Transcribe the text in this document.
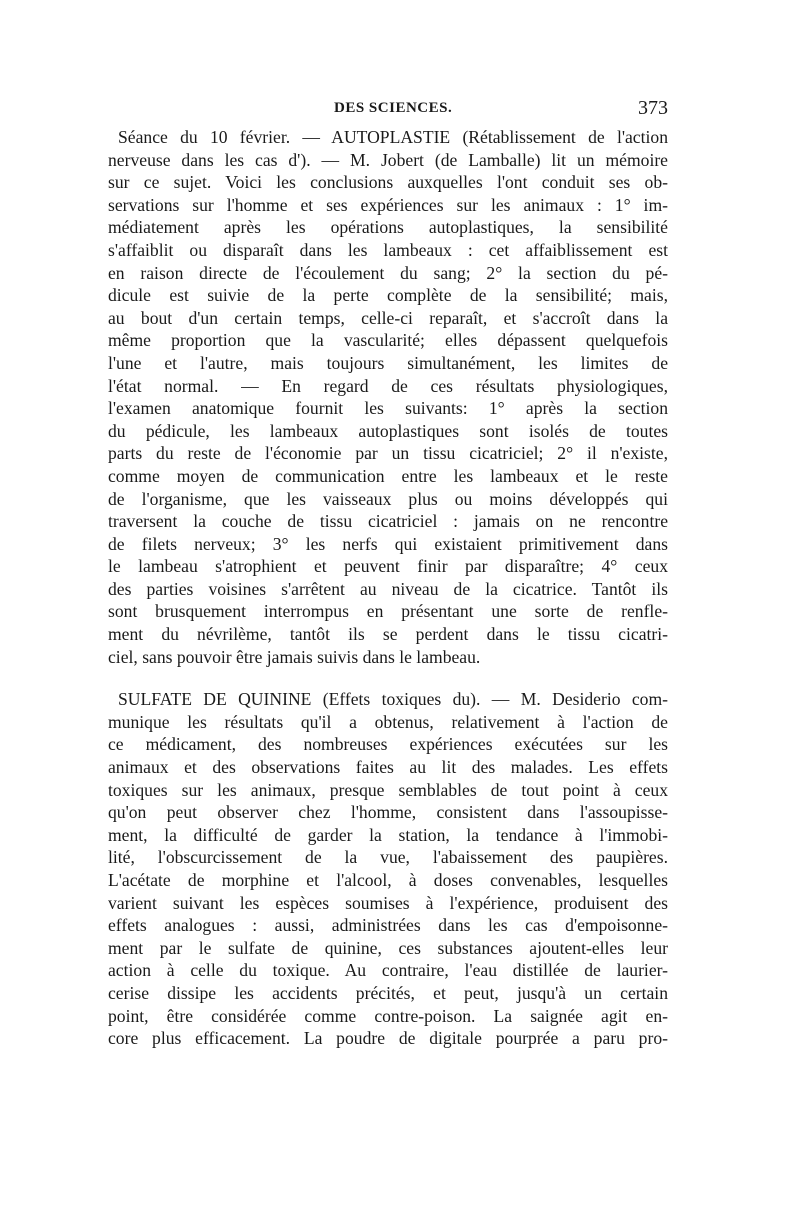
DES SCIENCES.	373

Séance du 10 février. — AUTOPLASTIE (Rétablissement de l'action
nerveuse dans les cas d'). — M. Jobert (de Lamballe) lit un mémoire
sur ce sujet. Voici les conclusions auxquelles l'ont conduit ses ob-
servations sur l'homme et ses expériences sur les animaux : 1° im-
médiatement après les opérations autoplastiques, la sensibilité
s'affaiblit ou disparaît dans les lambeaux : cet affaiblissement est
en raison directe de l'écoulement du sang; 2° la section du pé-
dicule est suivie de la perte complète de la sensibilité; mais,
au bout d'un certain temps, celle-ci reparaît, et s'accroît dans la
même proportion que la vascularité; elles dépassent quelquefois
l'une et l'autre, mais toujours simultanément, les limites de
l'état normal. — En regard de ces résultats physiologiques,
l'examen anatomique fournit les suivants: 1° après la section
du pédicule, les lambeaux autoplastiques sont isolés de toutes
parts du reste de l'économie par un tissu cicatriciel; 2° il n'existe,
comme moyen de communication entre les lambeaux et le reste
de l'organisme, que les vaisseaux plus ou moins développés qui
traversent la couche de tissu cicatriciel : jamais on ne rencontre
de filets nerveux; 3° les nerfs qui existaient primitivement dans
le lambeau s'atrophient et peuvent finir par disparaître; 4° ceux
des parties voisines s'arrêtent au niveau de la cicatrice. Tantôt ils
sont brusquement interrompus en présentant une sorte de renfle-
ment du névrilème, tantôt ils se perdent dans le tissu cicatri-
ciel, sans pouvoir être jamais suivis dans le lambeau.

SULFATE DE QUININE (Effets toxiques du). — M. Desiderio com-
munique les résultats qu'il a obtenus, relativement à l'action de
ce médicament, des nombreuses expériences exécutées sur les
animaux et des observations faites au lit des malades. Les effets
toxiques sur les animaux, presque semblables de tout point à ceux
qu'on peut observer chez l'homme, consistent dans l'assoupisse-
ment, la difficulté de garder la station, la tendance à l'immobi-
lité, l'obscurcissement de la vue, l'abaissement des paupières.
L'acétate de morphine et l'alcool, à doses convenables, lesquelles
varient suivant les espèces soumises à l'expérience, produisent des
effets analogues : aussi, administrées dans les cas d'empoisonne-
ment par le sulfate de quinine, ces substances ajoutent-elles leur
action à celle du toxique. Au contraire, l'eau distillée de laurier-
cerise dissipe les accidents précités, et peut, jusqu'à un certain
point, être considérée comme contre-poison. La saignée agit en-
core plus efficacement. La poudre de digitale pourprée a paru pro-
